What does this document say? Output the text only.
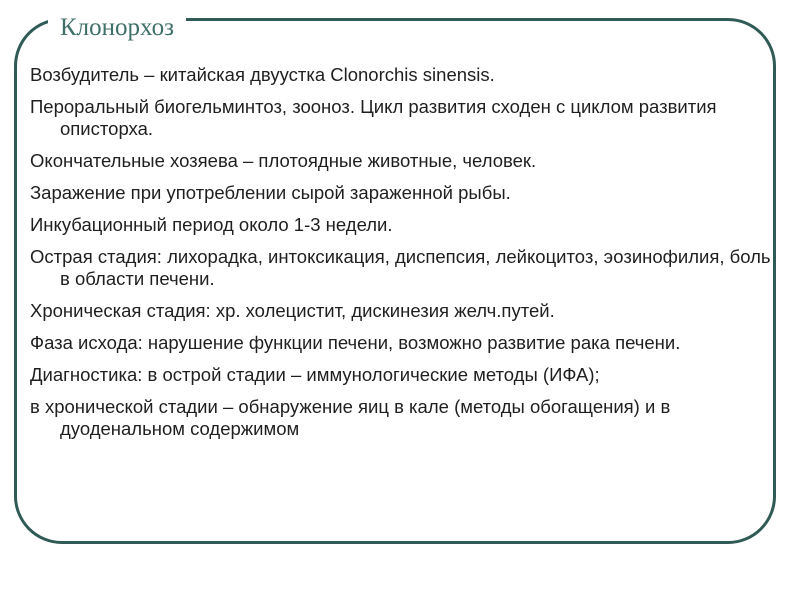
Клонорхоз
Возбудитель – китайская двуустка Clonorchis sinensis.
Пероральный биогельминтоз, зооноз. Цикл развития сходен с циклом развития описторха.
Окончательные хозяева – плотоядные животные, человек.
Заражение при употреблении сырой зараженной рыбы.
Инкубационный период около 1-3 недели.
Острая стадия: лихорадка, интоксикация, диспепсия, лейкоцитоз, эозинофилия, боль в области печени.
Хроническая стадия: хр. холецистит, дискинезия желч.путей.
Фаза исхода: нарушение функции печени, возможно развитие рака печени.
Диагностика: в острой стадии – иммунологические методы (ИФА);
в хронической стадии – обнаружение яиц в кале (методы обогащения) и в дуоденальном содержимом
